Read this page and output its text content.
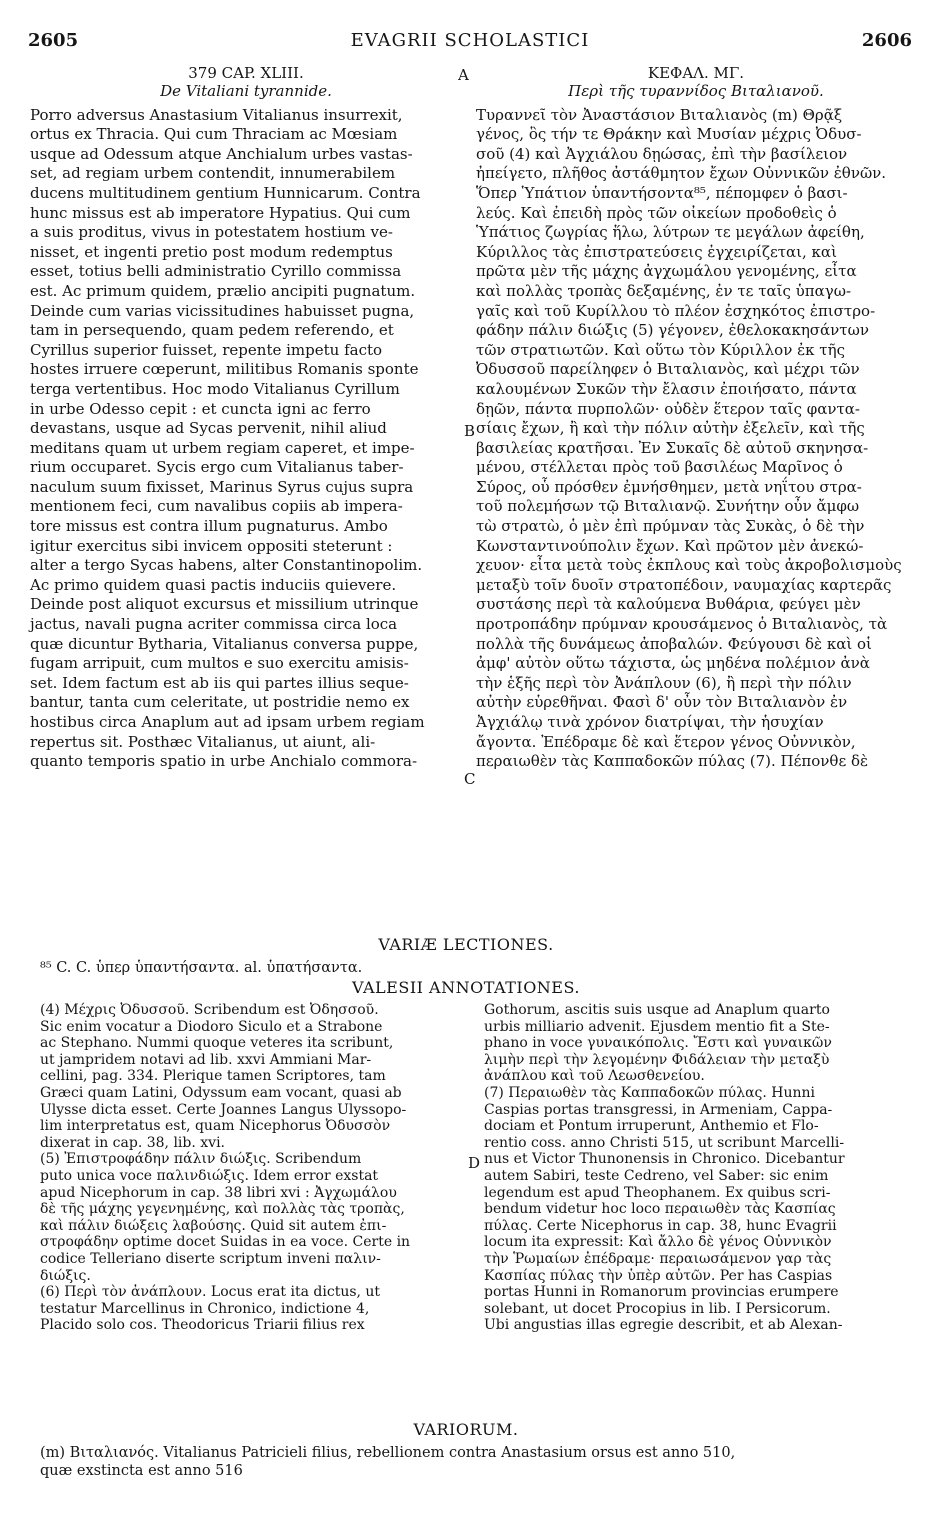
2605	EVAGRII SCHOLASTICI	2606
379 CAP. XLIII.
De Vitaliani tyrannide.
Porro adversus Anastasium Vitalianus insurrexit,
ortus ex Thracia. Qui cum Thraciam ac Mœsiam
usque ad Odessum atque Anchialum urbes vastas-
set, ad regiam urbem contendit, innumerabilem
ducens multitudinem gentium Hunnicarum. Contra
hunc missus est ab imperatore Hypatius. Qui cum
a suis proditus, vivus in potestatem hostium ve-
nisset, et ingenti pretio post modum redemptus
esset, totius belli administratio Cyrillo commissa
est. Ac primum quidem, prælio ancipiti pugnatum.
Deinde cum varias vicissitudines habuisset pugna,
tam in persequendo, quam pedem referendo, et
Cyrillus superior fuisset, repente impetu facto
hostes irruere cœperunt, militibus Romanis sponte
terga vertentibus. Hoc modo Vitalianus Cyrillum
in urbe Odesso cepit : et cuncta igni ac ferro
devastans, usque ad Sycas pervenit, nihil aliud
meditans quam ut urbem regiam caperet, et impe-
rium occuparet. Sycis ergo cum Vitalianus taber-
naculum suum fixisset, Marinus Syrus cujus supra
mentionem feci, cum navalibus copiis ab impera-
tore missus est contra illum pugnaturus. Ambo
igitur exercitus sibi invicem oppositi steterunt :
alter a tergo Sycas habens, alter Constantinopolim.
Ac primo quidem quasi pactis induciis quievere.
Deinde post aliquot excursus et missilium utrinque
jactus, navali pugna acriter commissa circa loca
quæ dicuntur Bytharia, Vitalianus conversa puppe,
fugam arripuit, cum multos e suo exercitu amisis-
set. Idem factum est ab iis qui partes illius seque-
bantur, tanta cum celeritate, ut postridie nemo ex
hostibus circa Anaplum aut ad ipsam urbem regiam
repertus sit. Posthæc Vitalianus, ut aiunt, ali-
quanto temporis spatio in urbe Anchialo commora-
ΚΕΦΑΛ. ΜΓ.
Περὶ τῆς τυραννίδος Βιταλιανοῦ.
Τυραννεῖ τὸν Ἀναστάσιον Βιταλιανὸς (m) Θρᾷξ
γένος, ὃς τήν τε Θράκην καὶ Μυσίαν μέχρις Ὀδυσ-
σοῦ (4) καὶ Ἀγχιάλου δῃώσας, ἐπὶ τὴν βασίλειον
ἠπείγετο, πλῆθος ἀστάθμητον ἔχων Οὐννικῶν ἐθνῶν.
Ὅπερ Ὑπάτιον ὑπαντήσοντα⁸⁵, πέπομφεν ὁ βασι-
λεύς. Καὶ ἐπειδὴ πρὸς τῶν οἰκείων προδοθεὶς ὁ
Ὑπάτιος ζωγρίας ἥλω, λύτρων τε μεγάλων ἀφείθη,
Κύριλλος τὰς ἐπιστρατεύσεις ἐγχειρίζεται, καὶ
πρῶτα μὲν τῆς μάχης ἀγχωμάλου γενομένης, εἶτα
καὶ πολλὰς τροπὰς δεξαμένης, ἐν τε ταῖς ὑπαγω-
γαῖς καὶ τοῦ Κυρίλλου τὸ πλέον ἐσχηκότος ἐπιστρο-
φάδην πάλιν διώξις (5) γέγονεν, ἐθελοκακησάντων
τῶν στρατιωτῶν. Καὶ οὕτω τὸν Κύριλλον ἐκ τῆς
Ὀδυσσοῦ παρείληφεν ὁ Βιταλιανὸς, καὶ μέχρι τῶν
καλουμένων Συκῶν τὴν ἔλασιν ἐποιήσατο, πάντα
δῃῶν, πάντα πυρπολῶν· οὐδὲν ἕτερον ταῖς φαντα-
σίαις ἔχων, ἢ καὶ τὴν πόλιν αὐτὴν ἐξελεῖν, καὶ τῆς
βασιλείας κρατῆσαι. Ἐν Συκαῖς δὲ αὐτοῦ σκηνησα-
μένου, στέλλεται πρὸς τοῦ βασιλέως Μαρῖνος ὁ
Σύρος, οὗ πρόσθεν ἐμνήσθημεν, μετὰ νηΐτου στρα-
τοῦ πολεμήσων τῷ Βιταλιανῷ. Συνήτην οὖν ἄμφω
τὼ στρατὼ, ὁ μὲν ἐπὶ πρύμναν τὰς Συκὰς, ὁ δὲ τὴν
Κωνσταντινούπολιν ἔχων. Καὶ πρῶτον μὲν ἀνεκώ-
χευον· εἶτα μετὰ τοὺς ἐκπλους καὶ τοὺς ἀκροβολισμοὺς
μεταξὺ τοῖν δυοῖν στρατοπέδοιν, ναυμαχίας καρτερᾶς
συστάσης περὶ τὰ καλούμενα Βυθάρια, φεύγει μὲν
προτροπάδην πρύμναν κρουσάμενος ὁ Βιταλιανὸς, τὰ
πολλὰ τῆς δυνάμεως ἀποβαλών. Φεύγουσι δὲ καὶ οἱ
ἀμφ' αὐτὸν οὕτω τάχιστα, ὡς μηδένα πολέμιον ἀνὰ
τὴν ἑξῆς περὶ τὸν Ἀνάπλουν (6), ἢ περὶ τὴν πόλιν
αὐτὴν εὑρεθῆναι. Φασὶ δ' οὖν τὸν Βιταλιανὸν ἐν
Ἀγχιάλῳ τινὰ χρόνον διατρίψαι, τὴν ἡσυχίαν
ἄγοντα. Ἐπέδραμε δὲ καὶ ἕτερον γένος Οὐννικὸν,
περαιωθὲν τὰς Καππαδοκῶν πύλας (7). Πέπονθε δὲ
A
B
C
D
VARIÆ LECTIONES.
⁸⁵ C. C. ὑπερ ὑπαντήσαντα. al. ὑπατήσαντα.
VALESII ANNOTATIONES.
(4) Μέχρις Ὀδυσσοῦ. Scribendum est Ὀδησσοῦ.
Sic enim vocatur a Diodoro Siculo et a Strabone
ac Stephano. Nummi quoque veteres ita scribunt,
ut jampridem notavi ad lib. xxvi Ammiani Mar-
cellini, pag. 334. Plerique tamen Scriptores, tam
Græci quam Latini, Odyssum eam vocant, quasi ab
Ulysse dicta esset. Certe Joannes Langus Ulyssopo-
lim interpretatus est, quam Nicephorus Ὀδυσσὸν
dixerat in cap. 38, lib. xvi.
(5) Ἐπιστροφάδην πάλιν διώξις. Scribendum
puto unica voce παλινδιώξις. Idem error exstat
apud Nicephorum in cap. 38 libri xvi : Ἀγχωμάλου
δὲ τῆς μάχης γεγενημένης, καὶ πολλὰς τὰς τροπὰς,
καὶ πάλιν διώξεις λαβούσης. Quid sit autem ἐπι-
στροφάδην optime docet Suidas in ea voce. Certe in
codice Telleriano diserte scriptum inveni παλιν-
διώξις.
(6) Περὶ τὸν ἀνάπλουν. Locus erat ita dictus, ut
testatur Marcellinus in Chronico, indictione 4,
Placido solo cos. Theodoricus Triarii filius rex
Gothorum, ascitis suis usque ad Anaplum quarto
urbis milliario advenit. Ejusdem mentio fit a Ste-
phano in voce γυναικόπολις. Ἔστι καὶ γυναικῶν
λιμὴν περὶ τὴν λεγομένην Φιδάλειαν τὴν μεταξὺ
ἀνάπλου καὶ τοῦ Λεωσθενείου.
(7) Περαιωθὲν τὰς Καππαδοκῶν πύλας. Hunni
Caspias portas transgressi, in Armeniam, Cappa-
dociam et Pontum irruperunt, Anthemio et Flo-
rentio coss. anno Christi 515, ut scribunt Marcelli-
nus et Victor Thunonensis in Chronico. Dicebantur
autem Sabiri, teste Cedreno, vel Saber: sic enim
legendum est apud Theophanem. Ex quibus scri-
bendum videtur hoc loco περαιωθὲν τὰς Κασπίας
πύλας. Certe Nicephorus in cap. 38, hunc Evagrii
locum ita expressit: Καὶ ἄλλο δὲ γένος Οὐννικὸν
τὴν Ῥωμαίων ἐπέδραμε· περαιωσάμενον γαρ τὰς
Κασπίας πύλας τὴν ὑπὲρ αὐτῶν. Per has Caspias
portas Hunni in Romanorum provincias erumpere
solebant, ut docet Procopius in lib. I Persicorum.
Ubi angustias illas egregie describit, et ab Alexan-
VARIORUM.
(m) Βιταλιανός. Vitalianus Patricieli filius, rebellionem contra Anastasium orsus est anno 510,
quæ exstincta est anno 516
